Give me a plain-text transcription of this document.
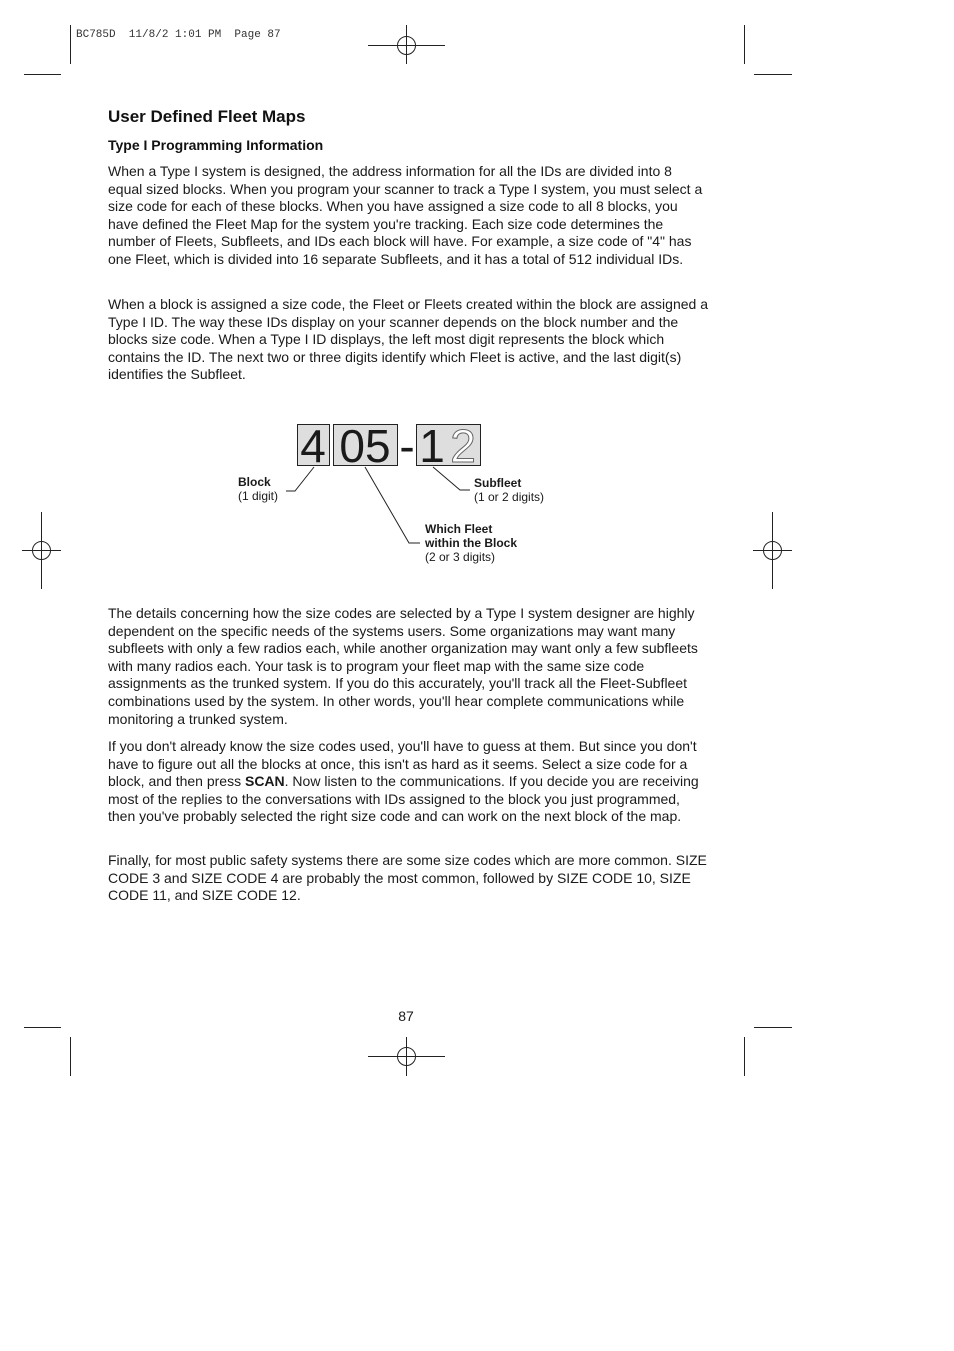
BC785D  11/8/2 1:01 PM  Page 87
User Defined Fleet Maps
Type I Programming Information

When a Type I system is designed, the address information for all the IDs are divided into 8 equal sized blocks. When you program your scanner to track a Type I system, you must select a size code for each of these blocks. When you have assigned a size code to all 8 blocks, you have defined the Fleet Map for the system you're tracking. Each size code determines the number of Fleets, Subfleets, and IDs each block will have. For example, a size code of "4" has one Fleet, which is divided into 16 separate Subfleets, and it has a total of 512 individual IDs.

When a block is assigned a size code, the Fleet or Fleets created within the block are assigned a Type I ID. The way these IDs display on your scanner depends on the block number and the blocks size code. When a Type I ID displays, the left most digit represents the block which contains the ID. The next two or three digits identify which Fleet is active, and the last digit(s) identifies the Subfleet.

4 05 - 1 2
Block
(1 digit)
Subfleet
(1 or 2 digits)
Which Fleet
within the Block
(2 or 3 digits)

The details concerning how the size codes are selected by a Type I system designer are highly dependent on the specific needs of the systems users. Some organizations may want many subfleets with only a few radios each, while another organization may want only a few subfleets with many radios each. Your task is to program your fleet map with the same size code assignments as the trunked system. If you do this accurately, you'll track all the Fleet-Subfleet combinations used by the system. In other words, you'll hear complete communications while monitoring a trunked system.

If you don't already know the size codes used, you'll have to guess at them. But since you don't have to figure out all the blocks at once, this isn't as hard as it seems. Select a size code for a block, and then press SCAN. Now listen to the communications. If you decide you are receiving most of the replies to the conversations with IDs assigned to the block you just programmed, then you've probably selected the right size code and can work on the next block of the map.

Finally, for most public safety systems there are some size codes which are more common. SIZE CODE 3 and SIZE CODE 4 are probably the most common, followed by SIZE CODE 10, SIZE CODE 11, and SIZE CODE 12.

87
